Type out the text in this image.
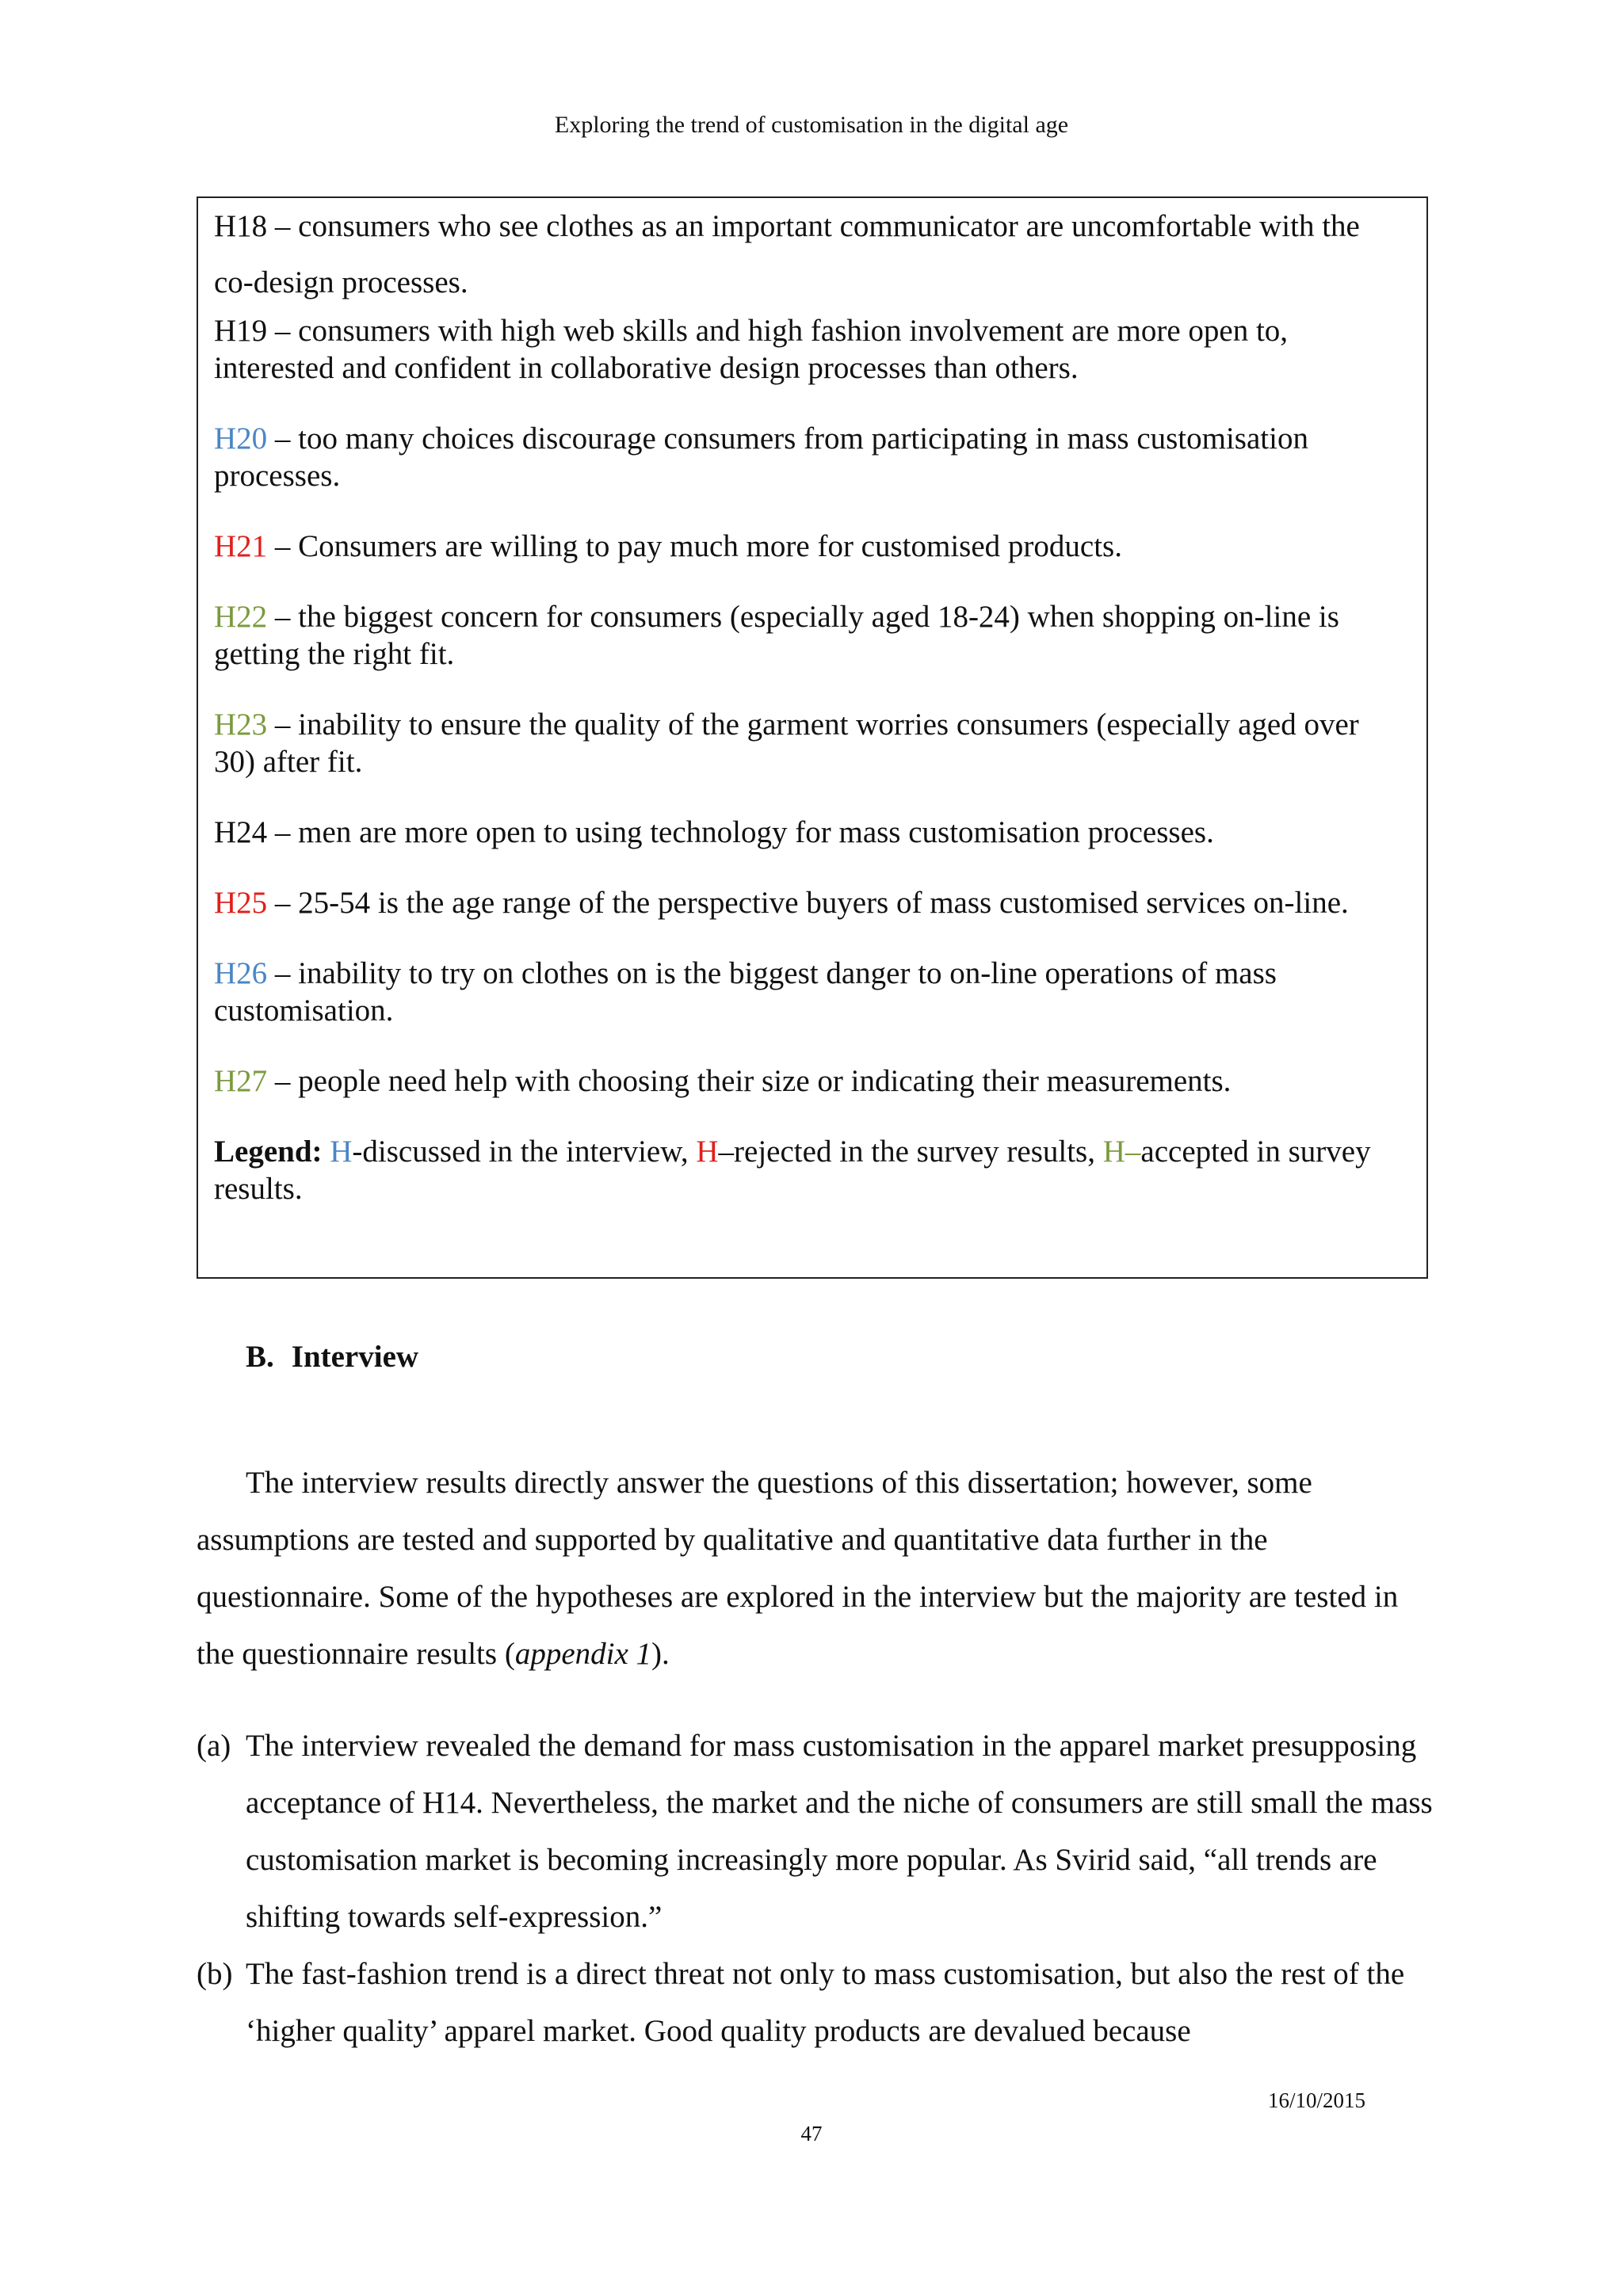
Exploring the trend of customisation in the digital age

H18 – consumers who see clothes as an important communicator are uncomfortable with the co-design processes.

H19 – consumers with high web skills and high fashion involvement are more open to, interested and confident in collaborative design processes than others.

H20 – too many choices discourage consumers from participating in mass customisation processes.

H21 – Consumers are willing to pay much more for customised products.

H22 – the biggest concern for consumers (especially aged 18-24) when shopping on-line is getting the right fit.

H23 – inability to ensure the quality of the garment worries consumers (especially aged over 30) after fit.

H24 – men are more open to using technology for mass customisation processes.

H25 – 25-54 is the age range of the perspective buyers of mass customised services on-line.

H26 – inability to try on clothes on is the biggest danger to on-line operations of mass customisation.

H27 – people need help with choosing their size or indicating their measurements.

Legend: H-discussed in the interview, H–rejected in the survey results, H–accepted in survey results.

B. Interview

The interview results directly answer the questions of this dissertation; however, some assumptions are tested and supported by qualitative and quantitative data further in the questionnaire. Some of the hypotheses are explored in the interview but the majority are tested in the questionnaire results (appendix 1).

(a) The interview revealed the demand for mass customisation in the apparel market presupposing acceptance of H14. Nevertheless, the market and the niche of consumers are still small the mass customisation market is becoming increasingly more popular. As Svirid said, “all trends are shifting towards self-expression.”

(b) The fast-fashion trend is a direct threat not only to mass customisation, but also the rest of the ‘higher quality’ apparel market. Good quality products are devalued because

16/10/2015
47
